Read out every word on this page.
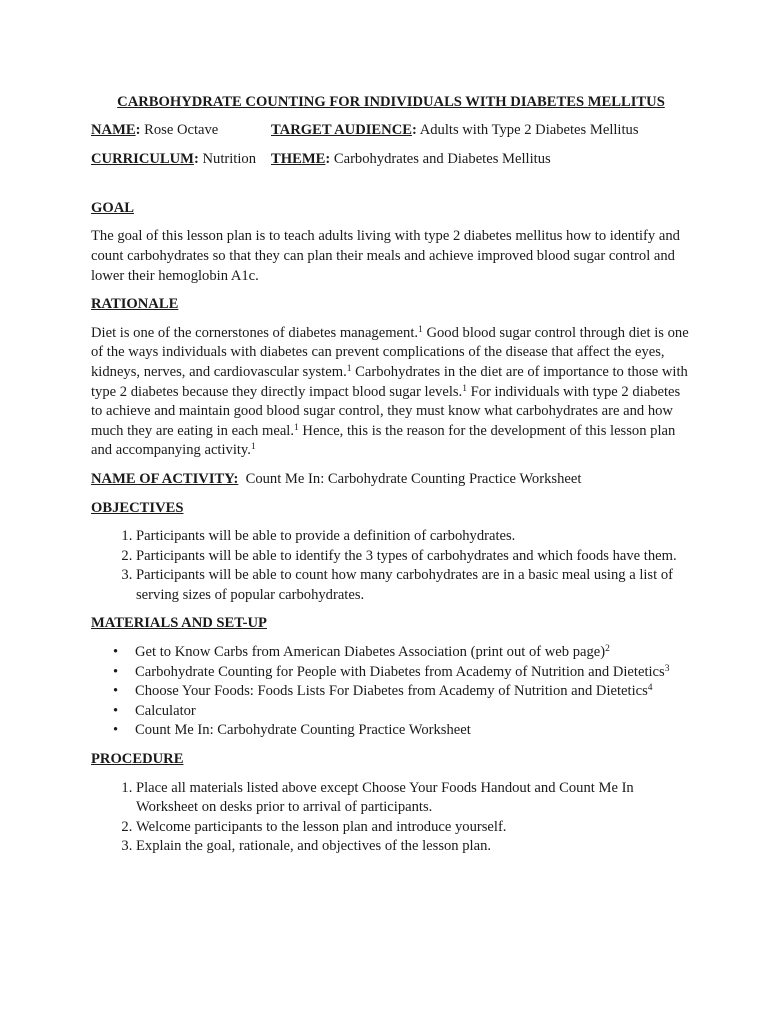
CARBOHYDRATE COUNTING FOR INDIVIDUALS WITH DIABETES MELLITUS
NAME: Rose Octave	TARGET AUDIENCE: Adults with Type 2 Diabetes Mellitus
CURRICULUM: Nutrition	THEME: Carbohydrates and Diabetes Mellitus
GOAL

The goal of this lesson plan is to teach adults living with type 2 diabetes mellitus how to identify and count carbohydrates so that they can plan their meals and achieve improved blood sugar control and lower their hemoglobin A1c.

RATIONALE

Diet is one of the cornerstones of diabetes management.$^1$ Good blood sugar control through diet is one of the ways individuals with diabetes can prevent complications of the disease that affect the eyes, kidneys, nerves, and cardiovascular system.$^1$ Carbohydrates in the diet are of importance to those with type 2 diabetes because they directly impact blood sugar levels.$^1$ For individuals with type 2 diabetes to achieve and maintain good blood sugar control, they must know what carbohydrates are and how much they are eating in each meal.$^1$ Hence, this is the reason for the development of this lesson plan and accompanying activity.$^1$

NAME OF ACTIVITY:  Count Me In: Carbohydrate Counting Practice Worksheet
OBJECTIVES
1. Participants will be able to provide a definition of carbohydrates.
2. Participants will be able to identify the 3 types of carbohydrates and which foods have them.
3. Participants will be able to count how many carbohydrates are in a basic meal using a list of serving sizes of popular carbohydrates.
MATERIALS AND SET-UP
• Get to Know Carbs from American Diabetes Association (print out of web page)$^2$
• Carbohydrate Counting for People with Diabetes from Academy of Nutrition and Dietetics$^3$
• Choose Your Foods: Foods Lists For Diabetes from Academy of Nutrition and Dietetics$^4$
• Calculator
• Count Me In: Carbohydrate Counting Practice Worksheet
PROCEDURE
1. Place all materials listed above except Choose Your Foods Handout and Count Me In Worksheet on desks prior to arrival of participants.
2. Welcome participants to the lesson plan and introduce yourself.
3. Explain the goal, rationale, and objectives of the lesson plan.
